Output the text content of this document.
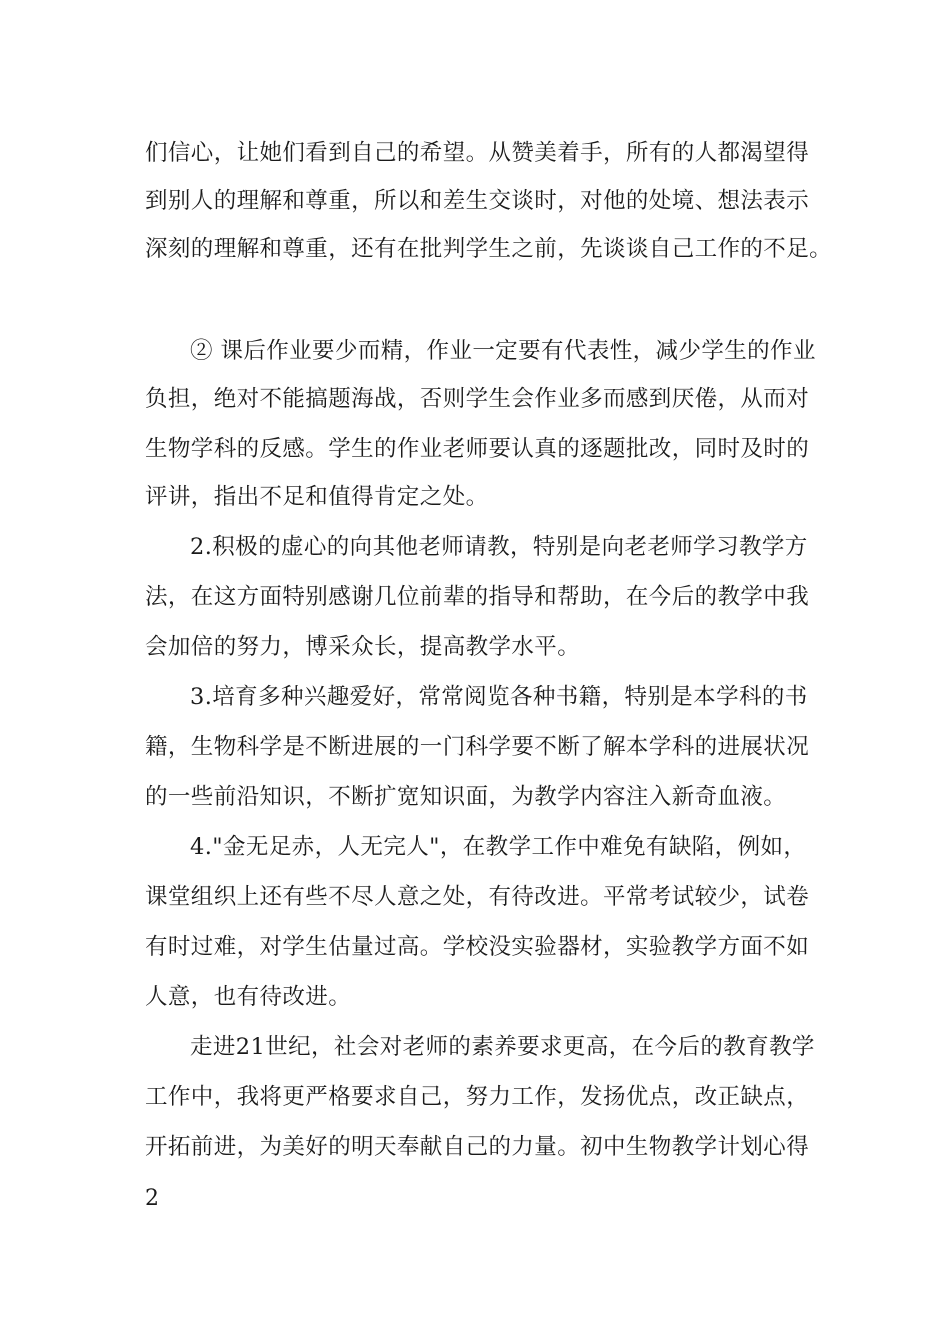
们信心，让她们看到自己的希望。从赞美着手，所有的人都渴望得
到别人的理解和尊重，所以和差生交谈时，对他的处境、想法表示
深刻的理解和尊重，还有在批判学生之前，先谈谈自己工作的不足。
② 课后作业要少而精，作业一定要有代表性，减少学生的作业
负担，绝对不能搞题海战，否则学生会作业多而感到厌倦，从而对
生物学科的反感。学生的作业老师要认真的逐题批改，同时及时的
评讲，指出不足和值得肯定之处。
2.积极的虚心的向其他老师请教，特别是向老老师学习教学方
法，在这方面特别感谢几位前辈的指导和帮助，在今后的教学中我
会加倍的努力，博采众长，提高教学水平。
3.培育多种兴趣爱好，常常阅览各种书籍，特别是本学科的书
籍，生物科学是不断进展的一门科学要不断了解本学科的进展状况
的一些前沿知识，不断扩宽知识面，为教学内容注入新奇血液。
4."金无足赤，人无完人"，在教学工作中难免有缺陷，例如，
课堂组织上还有些不尽人意之处，有待改进。平常考试较少，试卷
有时过难，对学生估量过高。学校没实验器材，实验教学方面不如
人意，也有待改进。
走进21世纪，社会对老师的素养要求更高，在今后的教育教学
工作中，我将更严格要求自己，努力工作，发扬优点，改正缺点，
开拓前进，为美好的明天奉献自己的力量。初中生物教学计划心得
2
